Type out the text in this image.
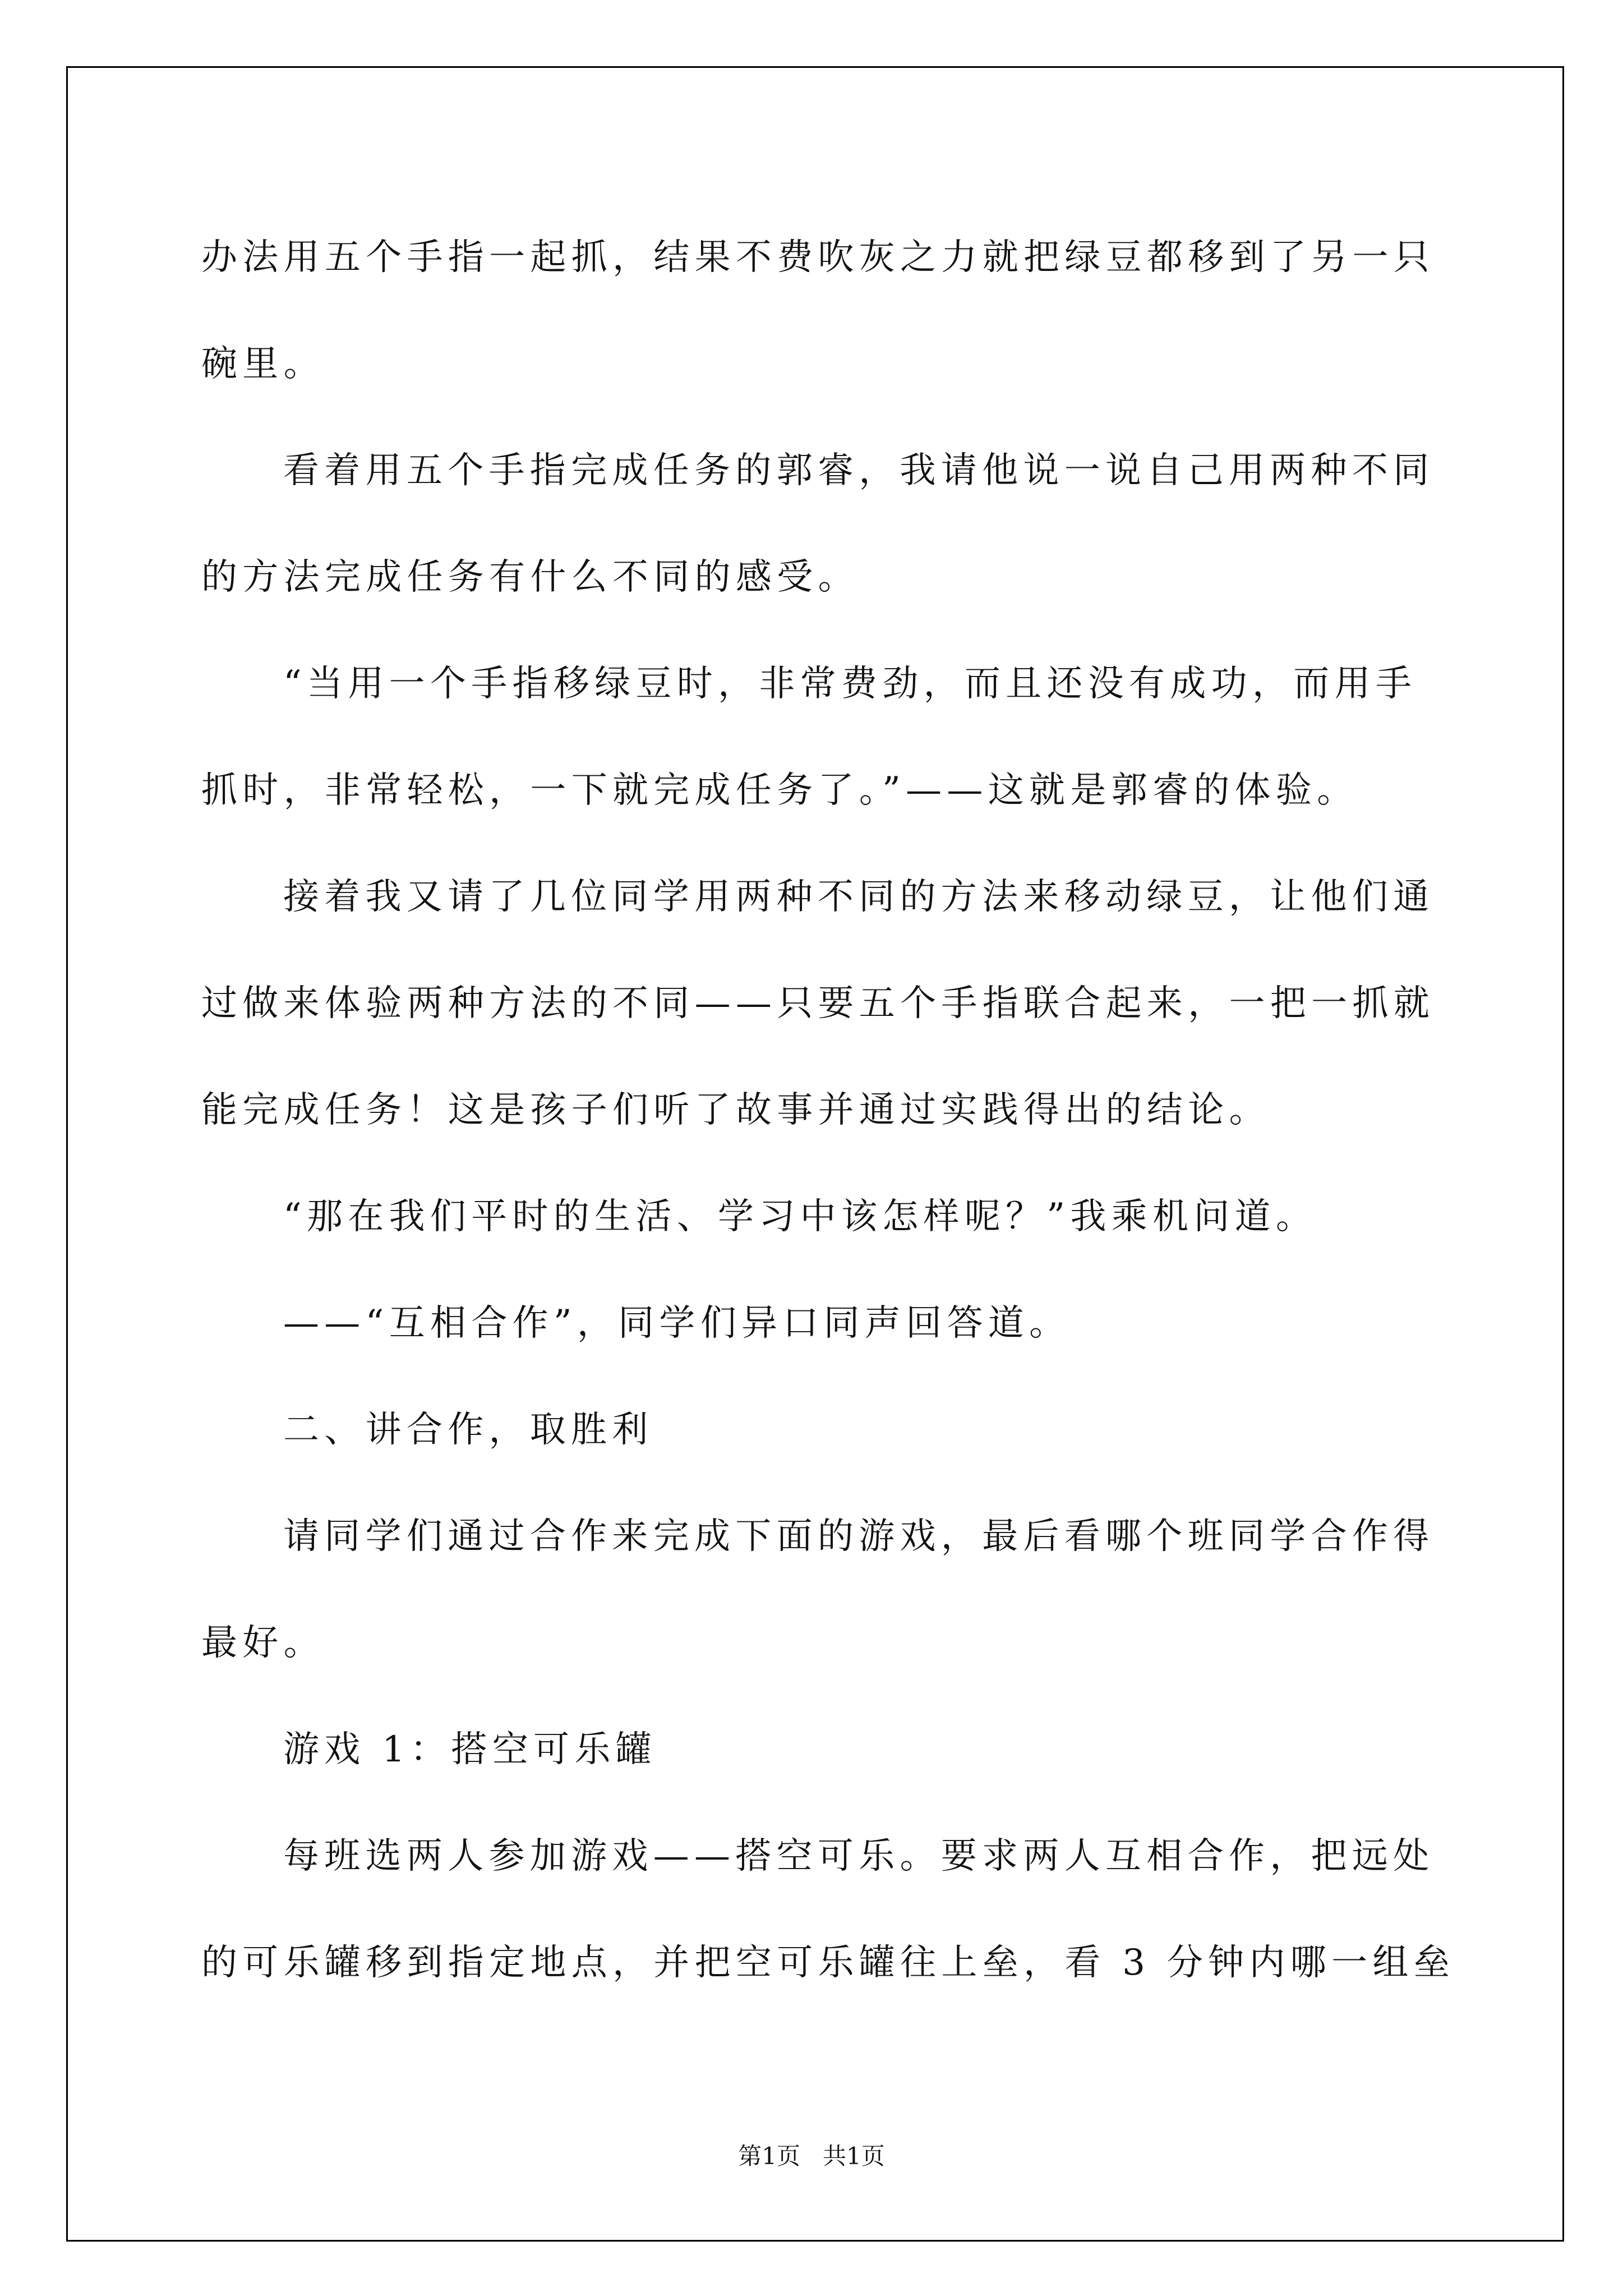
办法用五个手指一起抓，结果不费吹灰之力就把绿豆都移到了另一只
碗里。
看着用五个手指完成任务的郭睿，我请他说一说自己用两种不同
的方法完成任务有什么不同的感受。
“当用一个手指移绿豆时，非常费劲，而且还没有成功，而用手
抓时，非常轻松，一下就完成任务了。”——这就是郭睿的体验。
接着我又请了几位同学用两种不同的方法来移动绿豆，让他们通
过做来体验两种方法的不同——只要五个手指联合起来，一把一抓就
能完成任务！这是孩子们听了故事并通过实践得出的结论。
“那在我们平时的生活、学习中该怎样呢？”我乘机问道。
——“互相合作”，同学们异口同声回答道。
二、讲合作，取胜利
请同学们通过合作来完成下面的游戏，最后看哪个班同学合作得
最好。
游戏 1：搭空可乐罐
每班选两人参加游戏——搭空可乐。要求两人互相合作，把远处
的可乐罐移到指定地点，并把空可乐罐往上垒，看 3 分钟内哪一组垒
第1页   共1页
